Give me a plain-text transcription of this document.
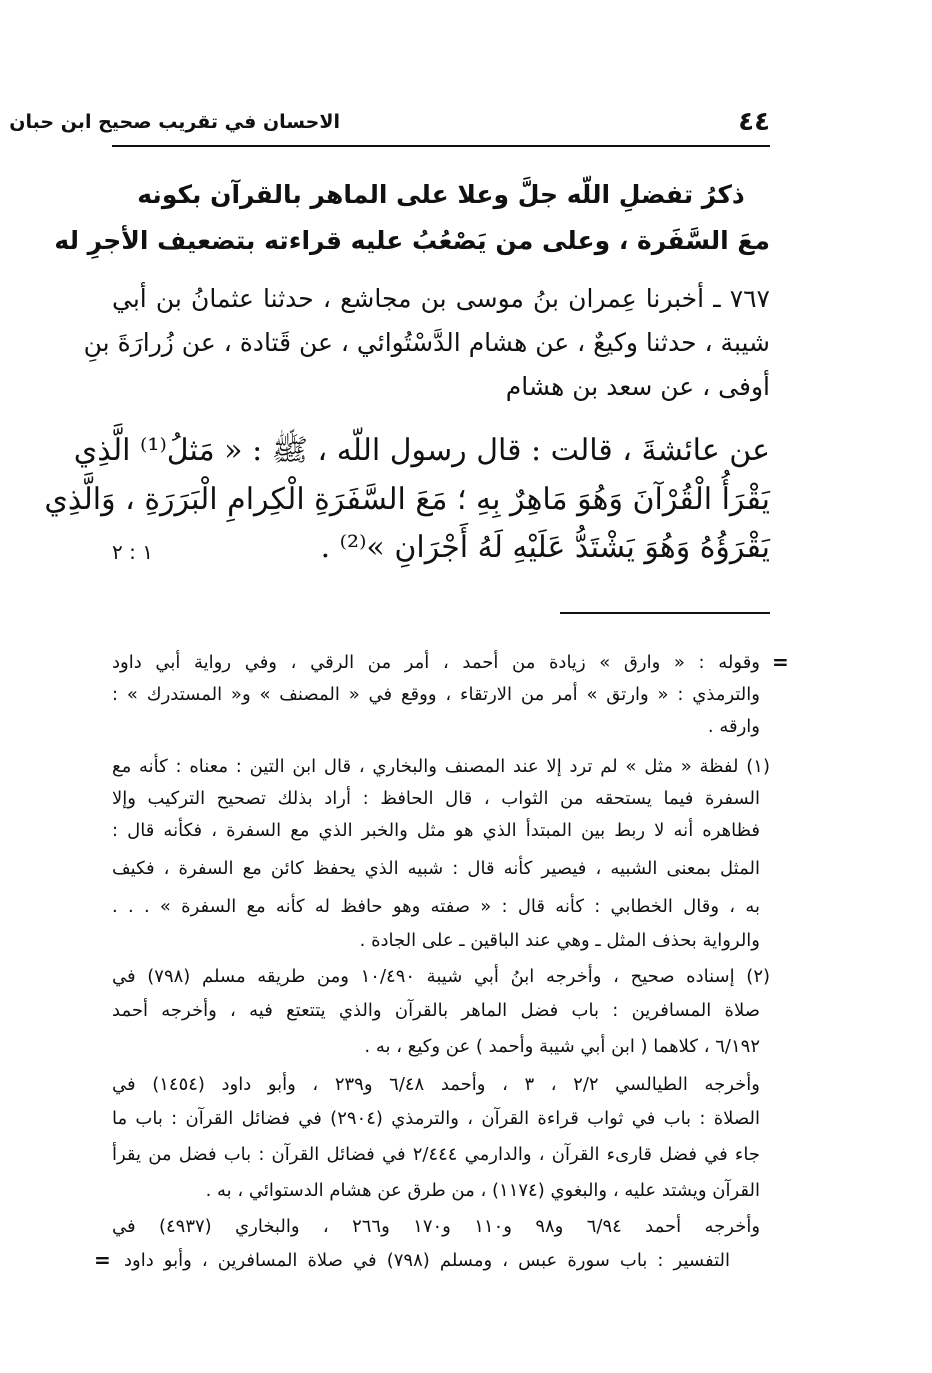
الاحسان في تقريب صحيح ابن حبان	٤٤
ذكرُ تفضلِ اللّه جلَّ وعلا على الماهر بالقرآن بكونه
معَ السَّفَرة ، وعلى من يَصْعُبُ عليه قراءته بتضعيف الأجرِ له
٧٦٧ ـ أخبرنا عِمران بنُ موسى بن مجاشع ، حدثنا عثمانُ بن أبي
شيبة ، حدثنا وكيعٌ ، عن هشام الدَّسْتُوائي ، عن قَتادة ، عن زُرارَةَ بنِ
أوفى ، عن سعد بن هشام
عن عائشةَ ، قالت : قال رسول اللّه ، ﷺ : « مَثلُ⁽¹⁾ الَّذِي
يَقْرَأُ الْقُرْآنَ وَهُوَ مَاهِرٌ بِهِ ؛ مَعَ السَّفَرَةِ الْكِرامِ الْبَرَرَةِ ، وَالَّذِي
يَقْرَؤُهُ وَهُوَ يَشْتَدُّ عَلَيْهِ لَهُ أَجْرَانِ »⁽²⁾ .
١ : ٢
=
وقوله : « وارق » زيادة من أحمد ، أمر من الرقي ، وفي رواية أبي داود
والترمذي : « وارتق » أمر من الارتقاء ، ووقع في « المصنف » و« المستدرك » :
وارقه .
(١) لفظة « مثل » لم ترد إلا عند المصنف والبخاري ، قال ابن التين : معناه : كأنه مع
السفرة فيما يستحقه من الثواب ، قال الحافظ : أراد بذلك تصحيح التركيب وإلا
فظاهره أنه لا ربط بين المبتدأ الذي هو مثل والخبر الذي مع السفرة ، فكأنه قال :
المثل بمعنى الشبيه ، فيصير كأنه قال : شبيه الذي يحفظ كائن مع السفرة ، فكيف
به ، وقال الخطابي : كأنه قال : « صفته وهو حافظ له كأنه مع السفرة » . . .
والرواية بحذف المثل ـ وهي عند الباقين ـ على الجادة .
(٢) إسناده صحيح ، وأخرجه ابنُ أبي شيبة ١٠/٤٩٠ ومن طريقه مسلم (٧٩٨) في
صلاة المسافرين : باب فضل الماهر بالقرآن والذي يتتعتع فيه ، وأخرجه أحمد
٦/١٩٢ ، كلاهما ( ابن أبي شيبة وأحمد ) عن وكيع ، به .
وأخرجه الطيالسي ٢/٢ ، ٣ ، وأحمد ٦/٤٨ و٢٣٩ ، وأبو داود (١٤٥٤) في
الصلاة : باب في ثواب قراءة القرآن ، والترمذي (٢٩٠٤) في فضائل القرآن : باب ما
جاء في فضل قارىء القرآن ، والدارمي ٢/٤٤٤ في فضائل القرآن : باب فضل من يقرأ
القرآن ويشتد عليه ، والبغوي (١١٧٤) ، من طرق عن هشام الدستوائي ، به .
وأخرجه أحمد ٦/٩٤ و٩٨ و١١٠ و١٧٠ و٢٦٦ ، والبخاري (٤٩٣٧) في
التفسير : باب سورة عبس ، ومسلم (٧٩٨) في صلاة المسافرين ، وأبو داود
=
